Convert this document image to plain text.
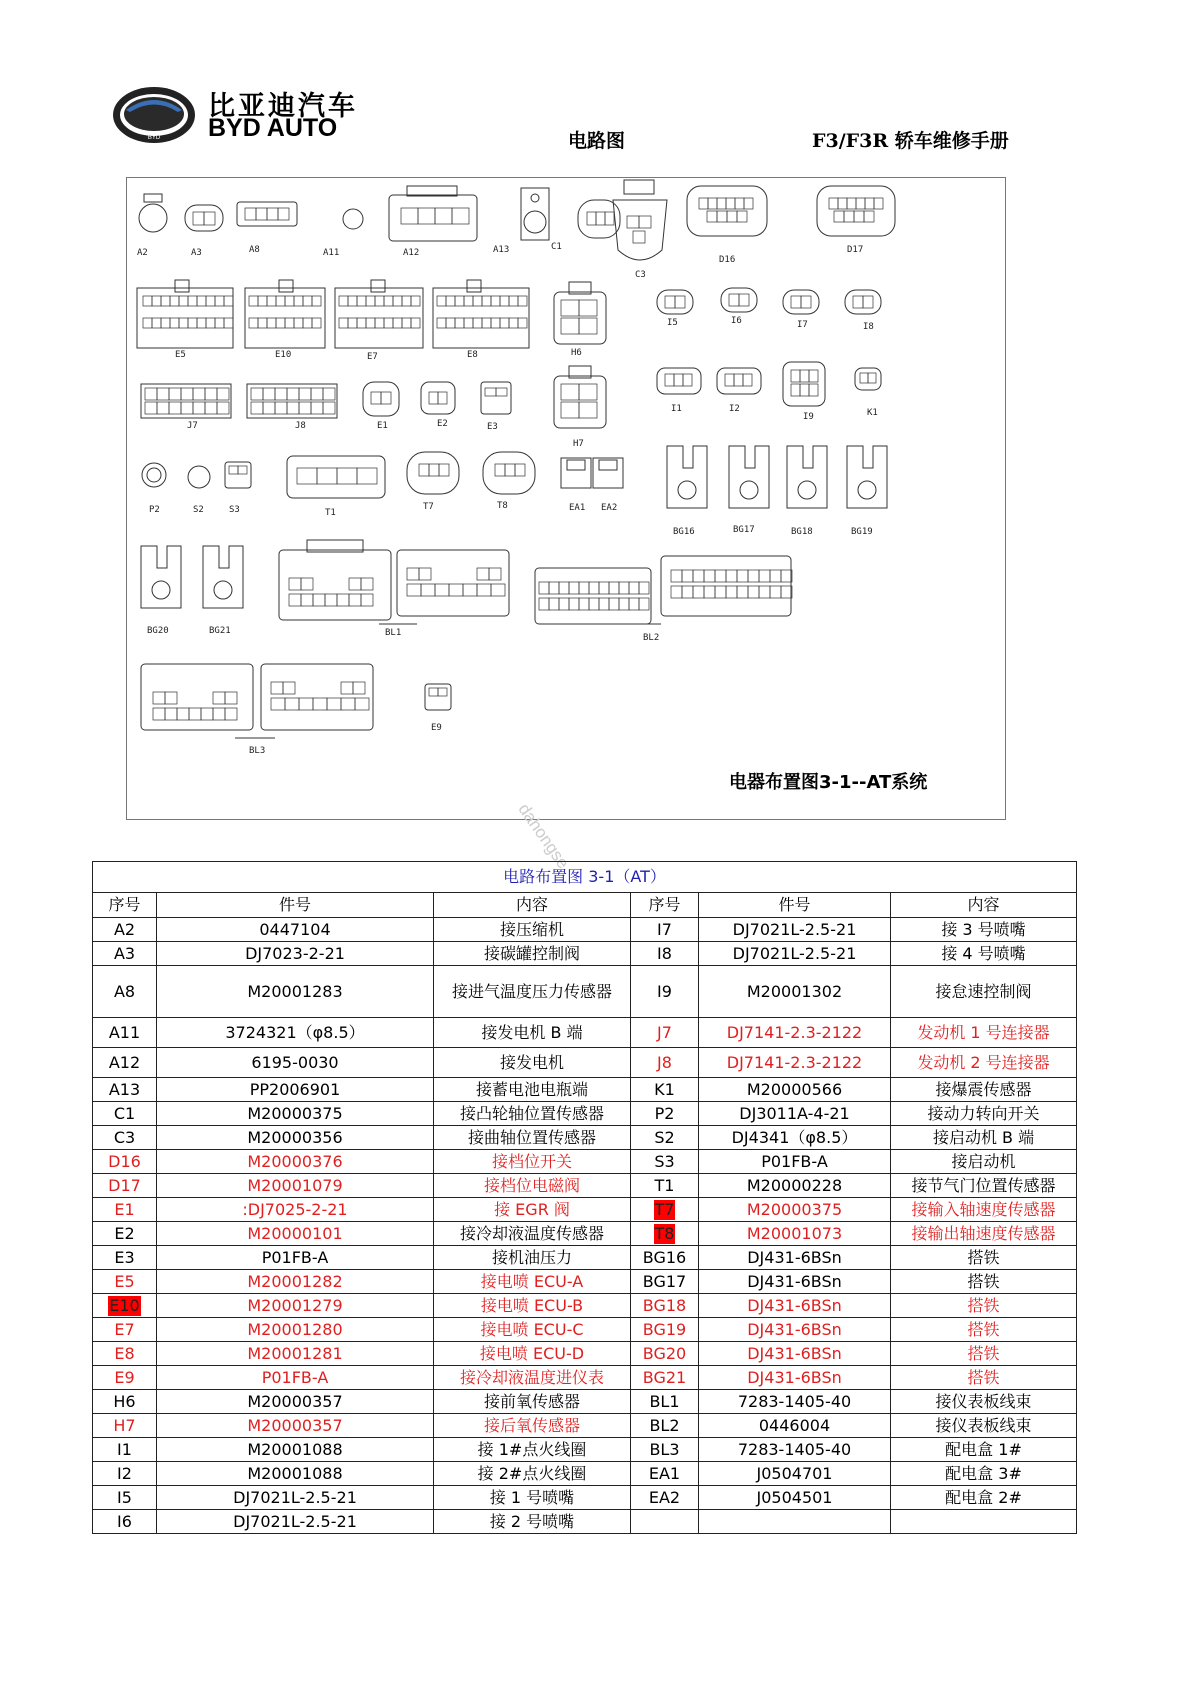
BYD
比亚迪汽车
BYD AUTO	电路图	F3/F3R 轿车维修手册
A2	A3	A8	A11	A12	A13	C1
C3
D16
D17
E5	E10	E7	E8	H6
I5	I6	I7	I8
J7	J8	E1	E2	E3
H7
I1	I2
I9	K1
P2	S2	S3	T1
T7	T8	EA1 EA2
BG16	BG17	BG18	BG19
BG20	BG21	BL1	BL2
BL3
E9
电器布置图3-1--AT系统
dahongse
电路布置图 3-1（AT）					
序号	件号	内容	序号	件号	内容
A2	0447104	接压缩机	I7	DJ7021L-2.5-21	接 3 号喷嘴
A3	DJ7023-2-21	接碳罐控制阀	I8	DJ7021L-2.5-21	接 4 号喷嘴
A8	M20001283	接进气温度压力传感器	I9	M20001302	接怠速控制阀
A11	3724321（φ8.5）	接发电机 B 端	J7	DJ7141-2.3-2122	发动机 1 号连接器
A12	6195-0030	接发电机	J8	DJ7141-2.3-2122	发动机 2 号连接器
A13	PP2006901	接蓄电池电瓶端	K1	M20000566	接爆震传感器
C1	M20000375	接凸轮轴位置传感器	P2	DJ3011A-4-21	接动力转向开关
C3	M20000356	接曲轴位置传感器	S2	DJ4341（φ8.5）	接启动机 B 端
D16	M20000376	接档位开关	S3	P01FB-A	接启动机
D17	M20001079	接档位电磁阀	T1	M20000228	接节气门位置传感器
E1	:DJ7025-2-21	接 EGR 阀	T7	M20000375	接输入轴速度传感器
E2	M20000101	接冷却液温度传感器	T8	M20001073	接输出轴速度传感器
E3	P01FB-A	接机油压力	BG16	DJ431-6BSn	搭铁
E5	M20001282	接电喷 ECU-A	BG17	DJ431-6BSn	搭铁
E10	M20001279	接电喷 ECU-B	BG18	DJ431-6BSn	搭铁
E7	M20001280	接电喷 ECU-C	BG19	DJ431-6BSn	搭铁
E8	M20001281	接电喷 ECU-D	BG20	DJ431-6BSn	搭铁
E9	P01FB-A	接冷却液温度进仪表	BG21	DJ431-6BSn	搭铁
H6	M20000357	接前氧传感器	BL1	7283-1405-40	接仪表板线束
H7	M20000357	接后氧传感器	BL2	0446004	接仪表板线束
I1	M20001088	接 1#点火线圈	BL3	7283-1405-40	配电盒 1#
I2	M20001088	接 2#点火线圈	EA1	J0504701	配电盒 3#
I5	DJ7021L-2.5-21	接 1 号喷嘴	EA2	J0504501	配电盒 2#
I6	DJ7021L-2.5-21	接 2 号喷嘴			
